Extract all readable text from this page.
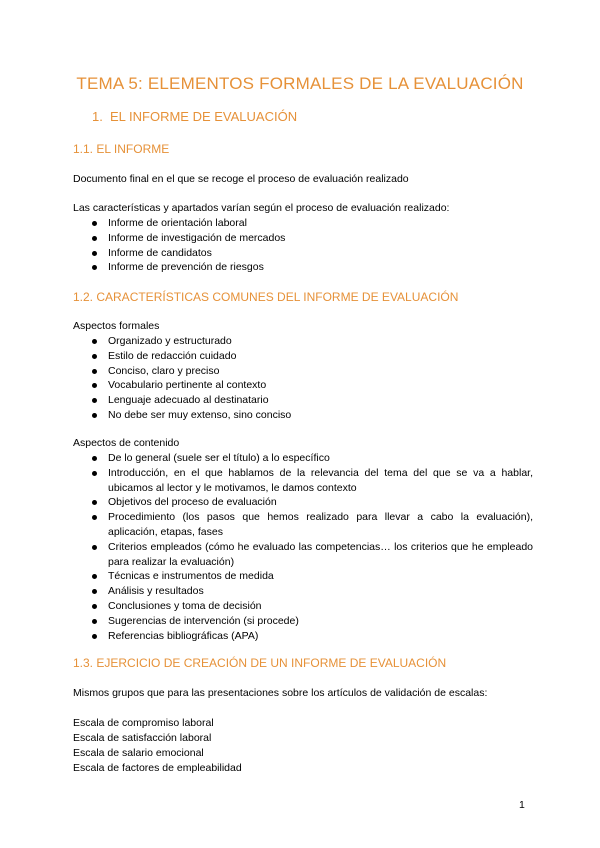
TEMA 5: ELEMENTOS FORMALES DE LA EVALUACIÓN
1. EL INFORME DE EVALUACIÓN
1.1. EL INFORME
Documento final en el que se recoge el proceso de evaluación realizado
Las características y apartados varían según el proceso de evaluación realizado:
Informe de orientación laboral
Informe de investigación de mercados
Informe de candidatos
Informe de prevención de riesgos
1.2. CARACTERÍSTICAS COMUNES DEL INFORME DE EVALUACIÓN
Aspectos formales
Organizado y estructurado
Estilo de redacción cuidado
Conciso, claro y preciso
Vocabulario pertinente al contexto
Lenguaje adecuado al destinatario
No debe ser muy extenso, sino conciso
Aspectos de contenido
De lo general (suele ser el título) a lo específico
Introducción, en el que hablamos de la relevancia del tema del que se va a hablar, ubicamos al lector y le motivamos, le damos contexto
Objetivos del proceso de evaluación
Procedimiento (los pasos que hemos realizado para llevar a cabo la evaluación), aplicación, etapas, fases
Criterios empleados (cómo he evaluado las competencias… los criterios que he empleado para realizar la evaluación)
Técnicas e instrumentos de medida
Análisis y resultados
Conclusiones y toma de decisión
Sugerencias de intervención (si procede)
Referencias bibliográficas (APA)
1.3. EJERCICIO DE CREACIÓN DE UN INFORME DE EVALUACIÓN
Mismos grupos que para las presentaciones sobre los artículos de validación de escalas:
Escala de compromiso laboral
Escala de satisfacción laboral
Escala de salario emocional
Escala de factores de empleabilidad
1
